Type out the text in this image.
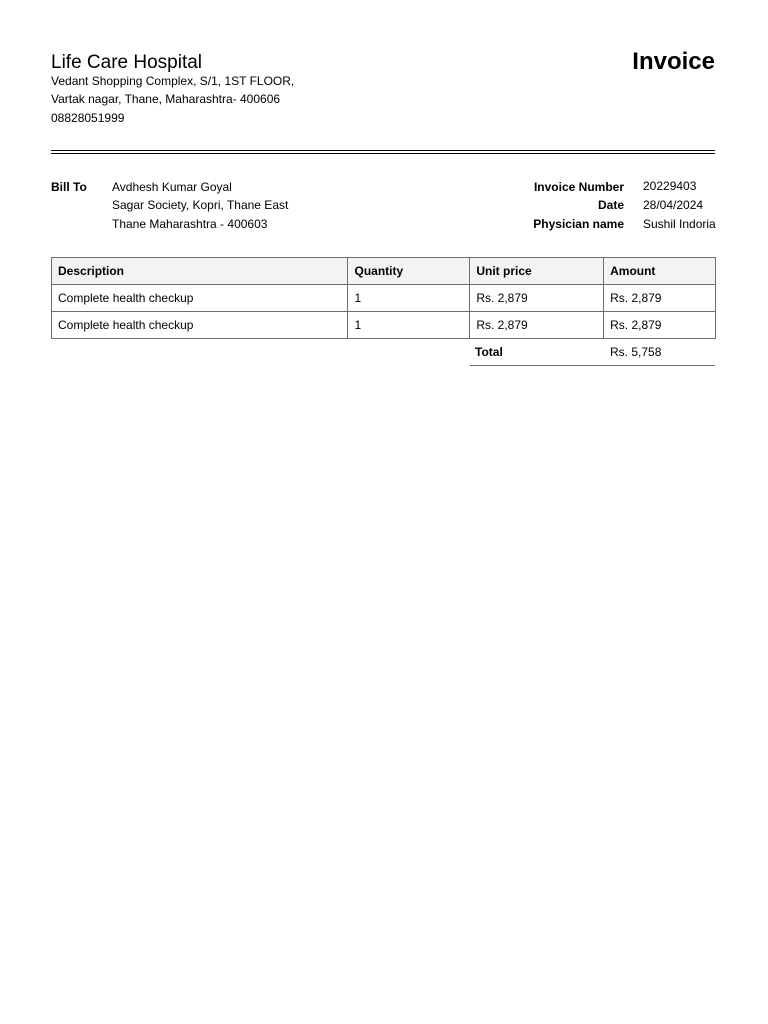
Life Care Hospital
Vedant Shopping Complex, S/1, 1ST FLOOR,
Vartak nagar, Thane, Maharashtra- 400606
08828051999
Invoice
Bill To Avdhesh Kumar Goyal
Sagar Society, Kopri, Thane East
Thane Maharashtra - 400603
Invoice Number 20229403
Date 28/04/2024
Physician name Sushil Indoria
Description	Quantity	Unit price	Amount
Complete health checkup	1	Rs. 2,879	Rs. 2,879
Complete health checkup	1	Rs. 2,879	Rs. 2,879
Total	Rs. 5,758
